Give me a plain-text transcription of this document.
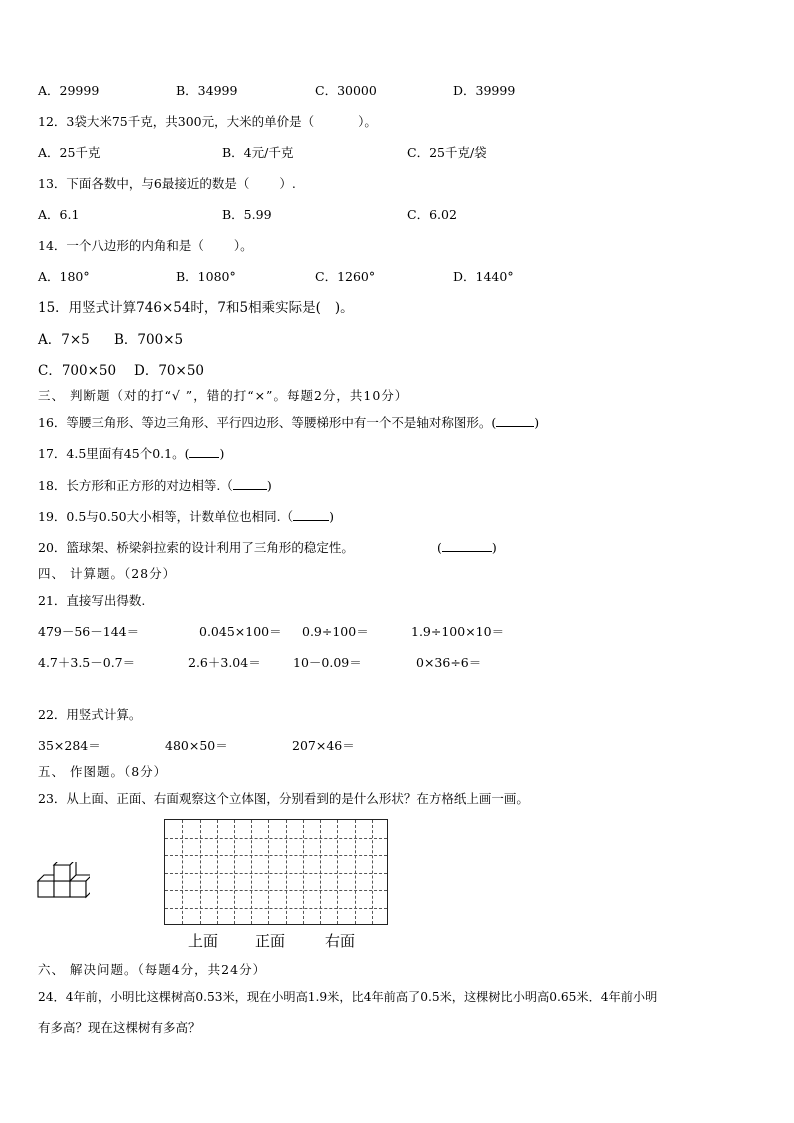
A．29999	B．34999	C．30000	D．39999
12．3袋大米75千克，共300元，大米的单价是（	）。
A．25千克	B．4元/千克	C．25千克/袋
13．下面各数中，与6最接近的数是（ ）.
A．6.1	B．5.99	C．6.02
14．一个八边形的内角和是（ ）。
A．180°	B．1080°	C．1260°	D．1440°
15．用竖式计算746×54时，7和5相乘实际是( )。
A．7×5 B．700×5
C．700×50 D．70×50
三、 判断题（对的打“√ ”，错的打“×”。每题2分，共10分）
16．等腰三角形、等边三角形、平行四边形、等腰梯形中有一个不是轴对称图形。(	)
17．4.5里面有45个0.1。( )
18．长方形和正方形的对边相等.（	)
19．0.5与0.50大小相等，计数单位也相同.（	)
20．篮球架、桥梁斜拉索的设计利用了三角形的稳定性。	(	)
四、 计算题。（28分）
21．直接写出得数.
479－56－144＝	0.045×100＝ 0.9÷100＝	1.9÷100×10＝
4.7＋3.5－0.7＝	2.6＋3.04＝	10－0.09＝	0×36÷6＝
22．用竖式计算。
35×284＝	480×50＝	207×46＝
五、 作图题。（8分）
23．从上面、正面、右面观察这个立体图，分别看到的是什么形状？在方格纸上画一画。
上面 正面	右面
六、 解决问题。（每题4分，共24分）
24．4年前，小明比这棵树高0.53米，现在小明高1.9米，比4年前高了0.5米，这棵树比小明高0.65米．4年前小明
有多高？现在这棵树有多高？
